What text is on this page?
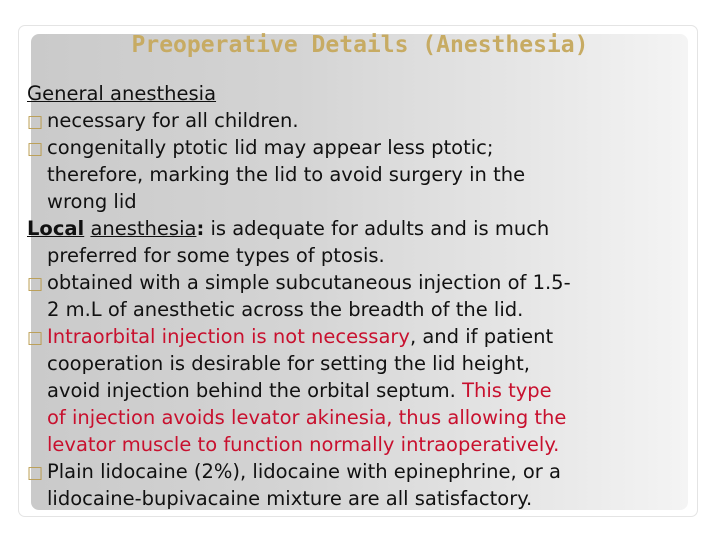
Preoperative Details (Anesthesia)
General anesthesia
□ necessary for all children.
□ congenitally ptotic lid may appear less ptotic;
therefore, marking the lid to avoid surgery in the
wrong lid
Local anesthesia: is adequate for adults and is much
preferred for some types of ptosis.
□ obtained with a simple subcutaneous injection of 1.5-
2 m.L of anesthetic across the breadth of the lid.
□ Intraorbital injection is not necessary, and if patient
cooperation is desirable for setting the lid height,
avoid injection behind the orbital septum. This type
of injection avoids levator akinesia, thus allowing the
levator muscle to function normally intraoperatively.
□ Plain lidocaine (2%), lidocaine with epinephrine, or a
lidocaine-bupivacaine mixture are all satisfactory.
